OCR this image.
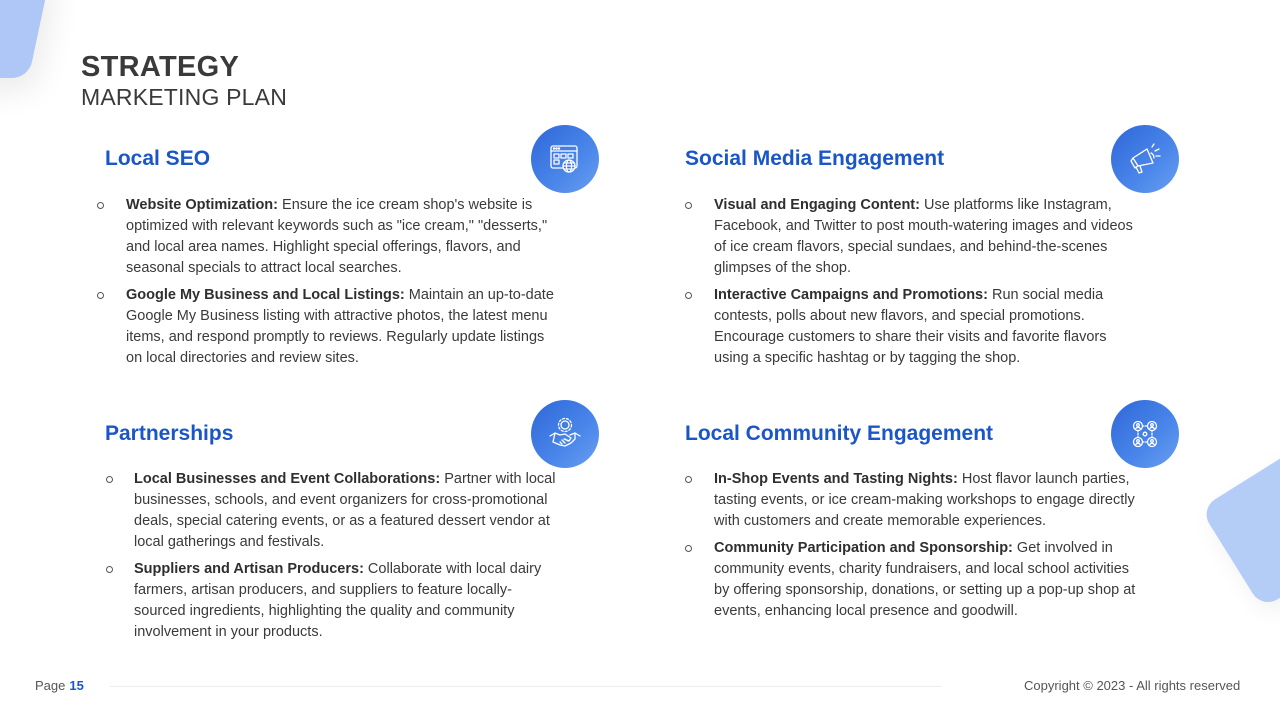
STRATEGY
MARKETING PLAN
Local SEO
Website Optimization: Ensure the ice cream shop's website is optimized with relevant keywords such as "ice cream," "desserts," and local area names. Highlight special offerings, flavors, and seasonal specials to attract local searches.
Google My Business and Local Listings: Maintain an up-to-date Google My Business listing with attractive photos, the latest menu items, and respond promptly to reviews. Regularly update listings on local directories and review sites.
Social Media Engagement
Visual and Engaging Content: Use platforms like Instagram, Facebook, and Twitter to post mouth-watering images and videos of ice cream flavors, special sundaes, and behind-the-scenes glimpses of the shop.
Interactive Campaigns and Promotions: Run social media contests, polls about new flavors, and special promotions. Encourage customers to share their visits and favorite flavors using a specific hashtag or by tagging the shop.
Partnerships
Local Businesses and Event Collaborations: Partner with local businesses, schools, and event organizers for cross-promotional deals, special catering events, or as a featured dessert vendor at local gatherings and festivals.
Suppliers and Artisan Producers: Collaborate with local dairy farmers, artisan producers, and suppliers to feature locally-sourced ingredients, highlighting the quality and community involvement in your products.
Local Community Engagement
In-Shop Events and Tasting Nights: Host flavor launch parties, tasting events, or ice cream-making workshops to engage directly with customers and create memorable experiences.
Community Participation and Sponsorship: Get involved in community events, charity fundraisers, and local school activities by offering sponsorship, donations, or setting up a pop-up shop at events, enhancing local presence and goodwill.
Page 15	Copyright © 2023 - All rights reserved
